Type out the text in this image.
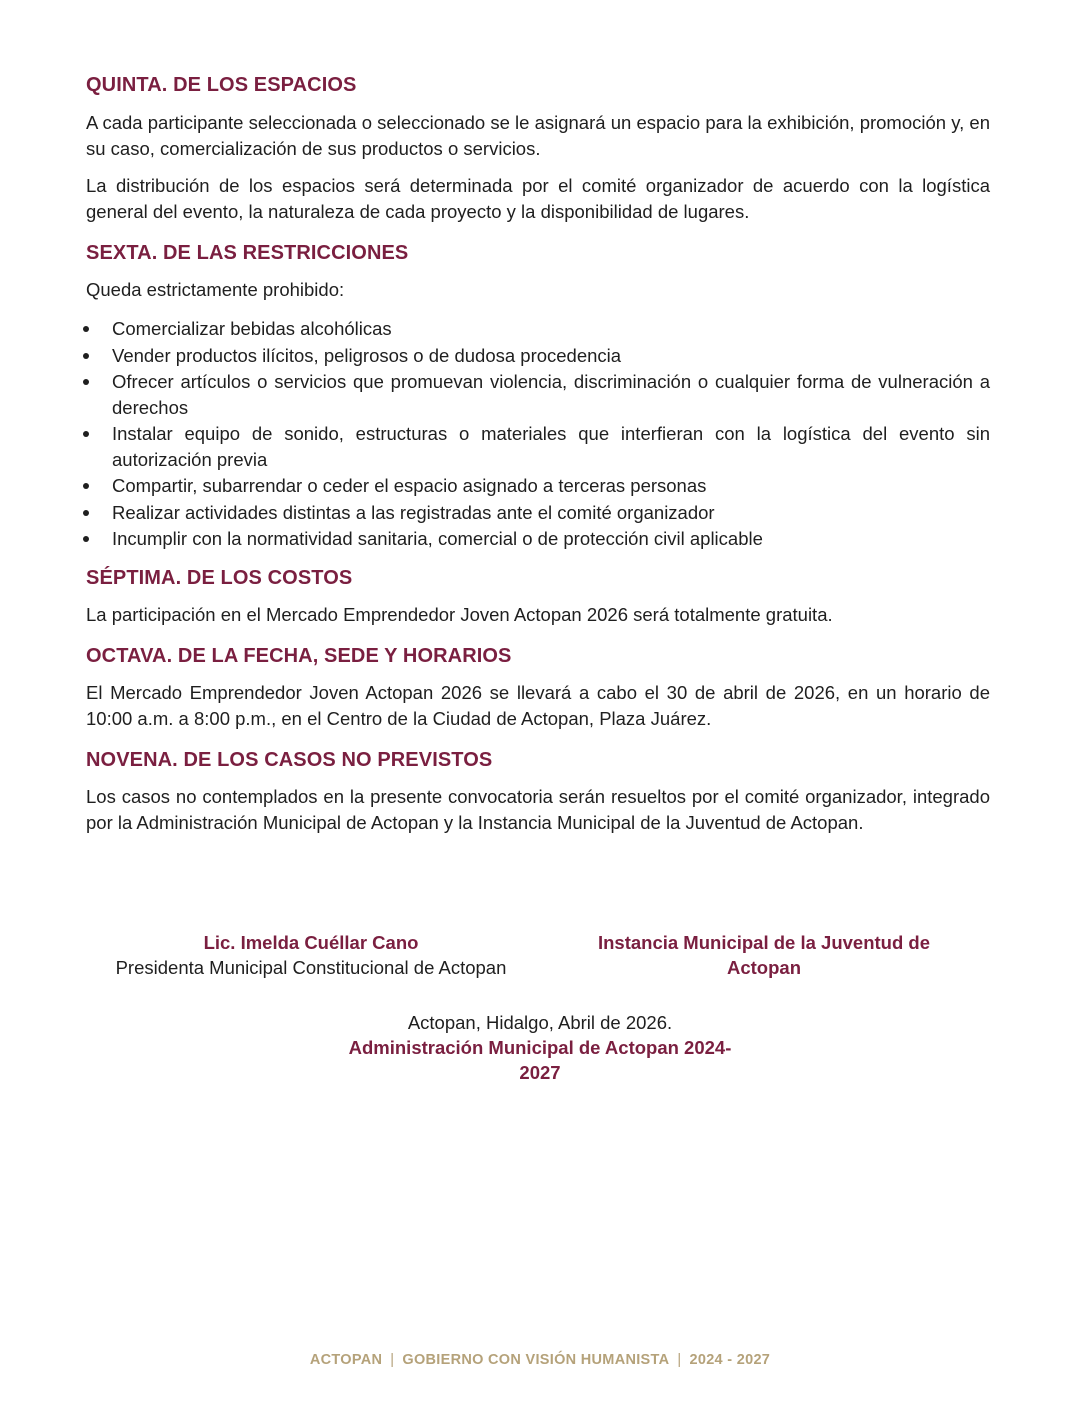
QUINTA. DE LOS ESPACIOS

A cada participante seleccionada o seleccionado se le asignará un espacio para la exhibición, promoción y, en su caso, comercialización de sus productos o servicios.

La distribución de los espacios será determinada por el comité organizador de acuerdo con la logística general del evento, la naturaleza de cada proyecto y la disponibilidad de lugares.

SEXTA. DE LAS RESTRICCIONES

Queda estrictamente prohibido:

Comercializar bebidas alcohólicas
Vender productos ilícitos, peligrosos o de dudosa procedencia
Ofrecer artículos o servicios que promuevan violencia, discriminación o cualquier forma de vulneración a derechos
Instalar equipo de sonido, estructuras o materiales que interfieran con la logística del evento sin autorización previa
Compartir, subarrendar o ceder el espacio asignado a terceras personas
Realizar actividades distintas a las registradas ante el comité organizador
Incumplir con la normatividad sanitaria, comercial o de protección civil aplicable
SÉPTIMA. DE LOS COSTOS

La participación en el Mercado Emprendedor Joven Actopan 2026 será totalmente gratuita.

OCTAVA. DE LA FECHA, SEDE Y HORARIOS

El Mercado Emprendedor Joven Actopan 2026 se llevará a cabo el 30 de abril de 2026, en un horario de 10:00 a.m. a 8:00 p.m., en el Centro de la Ciudad de Actopan, Plaza Juárez.

NOVENA. DE LOS CASOS NO PREVISTOS

Los casos no contemplados en la presente convocatoria serán resueltos por el comité organizador, integrado por la Administración Municipal de Actopan y la Instancia Municipal de la Juventud de Actopan.

Lic. Imelda Cuéllar Cano
Presidenta Municipal Constitucional de Actopan
Instancia Municipal de la Juventud de
Actopan
Actopan, Hidalgo, Abril de 2026.
Administración Municipal de Actopan 2024-
2027
ACTOPAN | GOBIERNO CON VISIÓN HUMANISTA | 2024 - 2027
